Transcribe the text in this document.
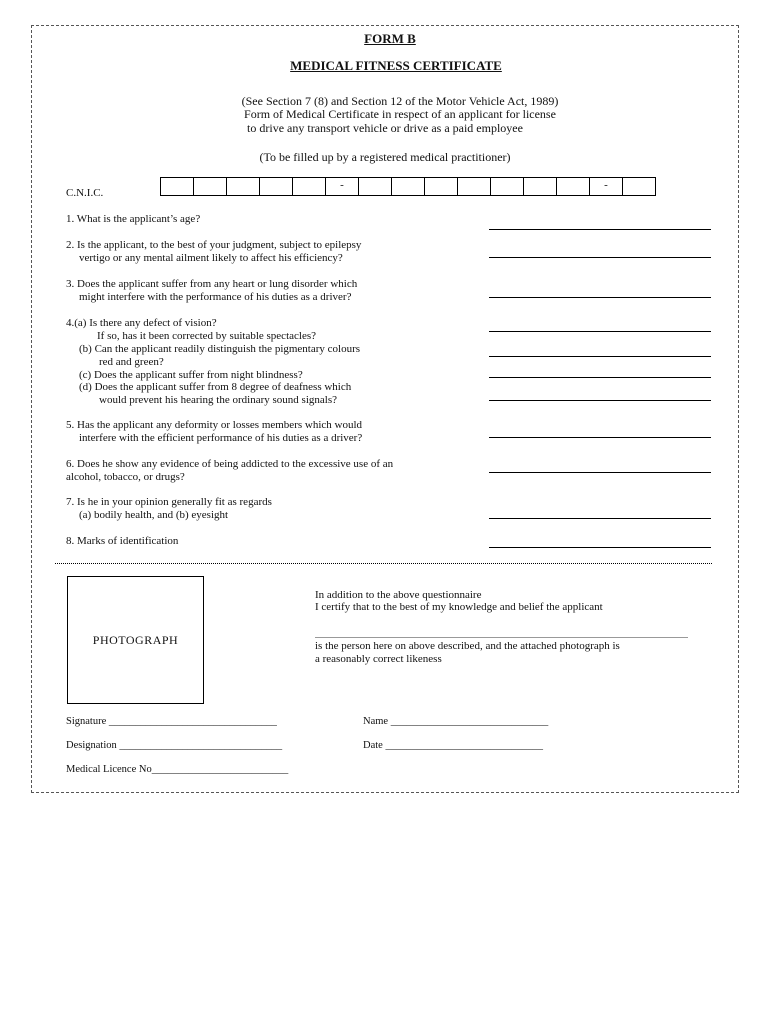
FORM B
MEDICAL FITNESS CERTIFICATE
(See Section 7 (8) and Section 12 of the Motor Vehicle Act, 1989)
Form of Medical Certificate in respect of an applicant for license
to drive any transport vehicle or drive as a paid employee
(To be filled up by a registered medical practitioner)
C.N.I.C.
-	-
1. What is the applicant’s age?
2. Is the applicant, to the best of your judgment, subject to epilepsy
vertigo or any mental ailment likely to affect his efficiency?
3. Does the applicant suffer from any heart or lung disorder which
might interfere with the performance of his duties as a driver?
4.(a) Is there any defect of vision?
If so, has it been corrected by suitable spectacles?
(b) Can the applicant readily distinguish the pigmentary colours
red and green?
(c) Does the applicant suffer from night blindness?
(d) Does the applicant suffer from 8 degree of deafness which
would prevent his hearing the ordinary sound signals?
5. Has the applicant any deformity or losses members which would
interfere with the efficient performance of his duties as a driver?
6. Does he show any evidence of being addicted to the excessive use of an
alcohol, tobacco, or drugs?
7. Is he in your opinion generally fit as regards
(a) bodily health, and (b) eyesight
8. Marks of identification
PHOTOGRAPH
In addition to the above questionnaire
I certify that to the best of my knowledge and belief the applicant
is the person here on above described, and the attached photograph is
a reasonably correct likeness
Signature ________________________________	Name ______________________________
Designation _______________________________	Date ______________________________
Medical Licence No__________________________
